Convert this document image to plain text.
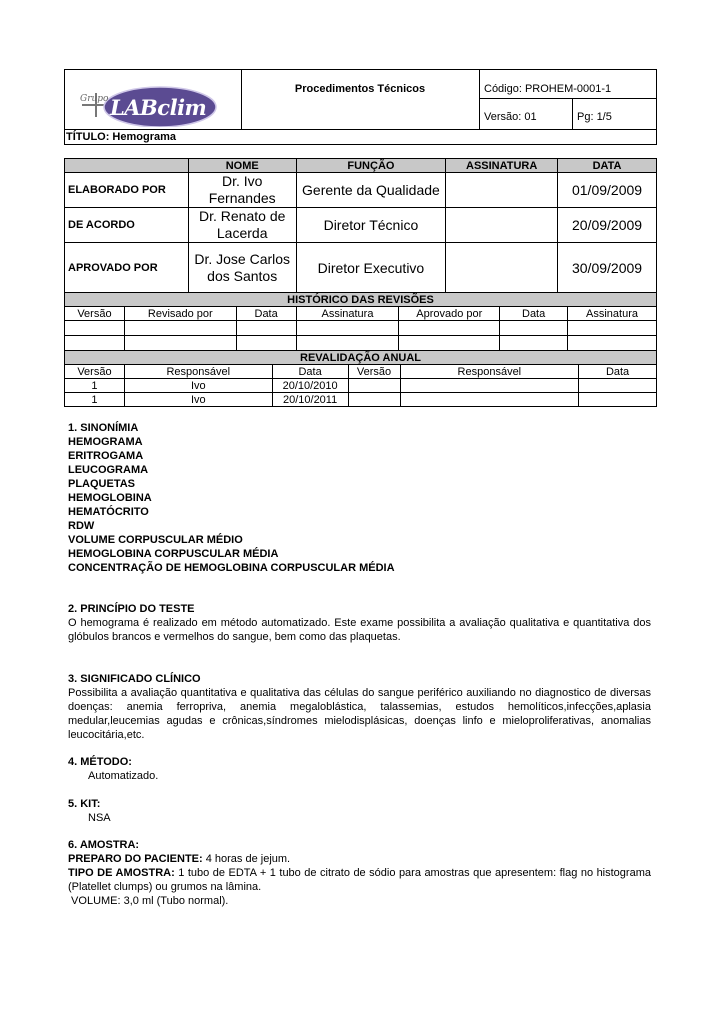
Grupo LABclim
Procedimentos Técnicos	Código: PROHEM-0001-1
Versão: 01	Pg: 1/5
TÍTULO: Hemograma
	NOME	FUNÇÃO	ASSINATURA	DATA
ELABORADO POR	Dr. Ivo Fernandes	Gerente da Qualidade		01/09/2009
DE ACORDO	Dr. Renato de Lacerda	Diretor Técnico		20/09/2009
APROVADO POR	Dr. Jose Carlos dos Santos	Diretor Executivo		30/09/2009
HISTÓRICO DAS REVISÕES						
Versão	Revisado por	Data	Assinatura	Aprovado por	Data	Assinatura

REVALIDAÇÃO ANUAL					
Versão	Responsável	Data	Versão	Responsável	Data
1	Ivo	20/10/2010			
1	Ivo	20/10/2011			
1. SINONÍMIA
HEMOGRAMA
ERITROGAMA
LEUCOGRAMA
PLAQUETAS
HEMOGLOBINA
HEMATÓCRITO
RDW
VOLUME CORPUSCULAR MÉDIO
HEMOGLOBINA CORPUSCULAR MÉDIA
CONCENTRAÇÃO DE HEMOGLOBINA CORPUSCULAR MÉDIA
2. PRINCÍPIO DO TESTE
O hemograma é realizado em método automatizado. Este exame possibilita a avaliação qualitativa e quantitativa dos glóbulos brancos e vermelhos do sangue, bem como das plaquetas.
3. SIGNIFICADO CLÍNICO
Possibilita a avaliação quantitativa e qualitativa das células do sangue periférico auxiliando no diagnostico de diversas doenças: anemia ferropriva, anemia megaloblástica, talassemias, estudos hemolíticos,infecções,aplasia medular,leucemias agudas e crônicas,síndromes mielodisplásicas, doenças linfo e mieloproliferativas, anomalias leucocitária,etc.
4. MÉTODO:
Automatizado.
5. KIT:
NSA
6. AMOSTRA:
PREPARO DO PACIENTE: 4 horas de jejum.
TIPO DE AMOSTRA: 1 tubo de EDTA + 1 tubo de citrato de sódio para amostras que apresentem: flag no histograma (Platellet clumps) ou grumos na lâmina.
VOLUME: 3,0 ml (Tubo normal).
